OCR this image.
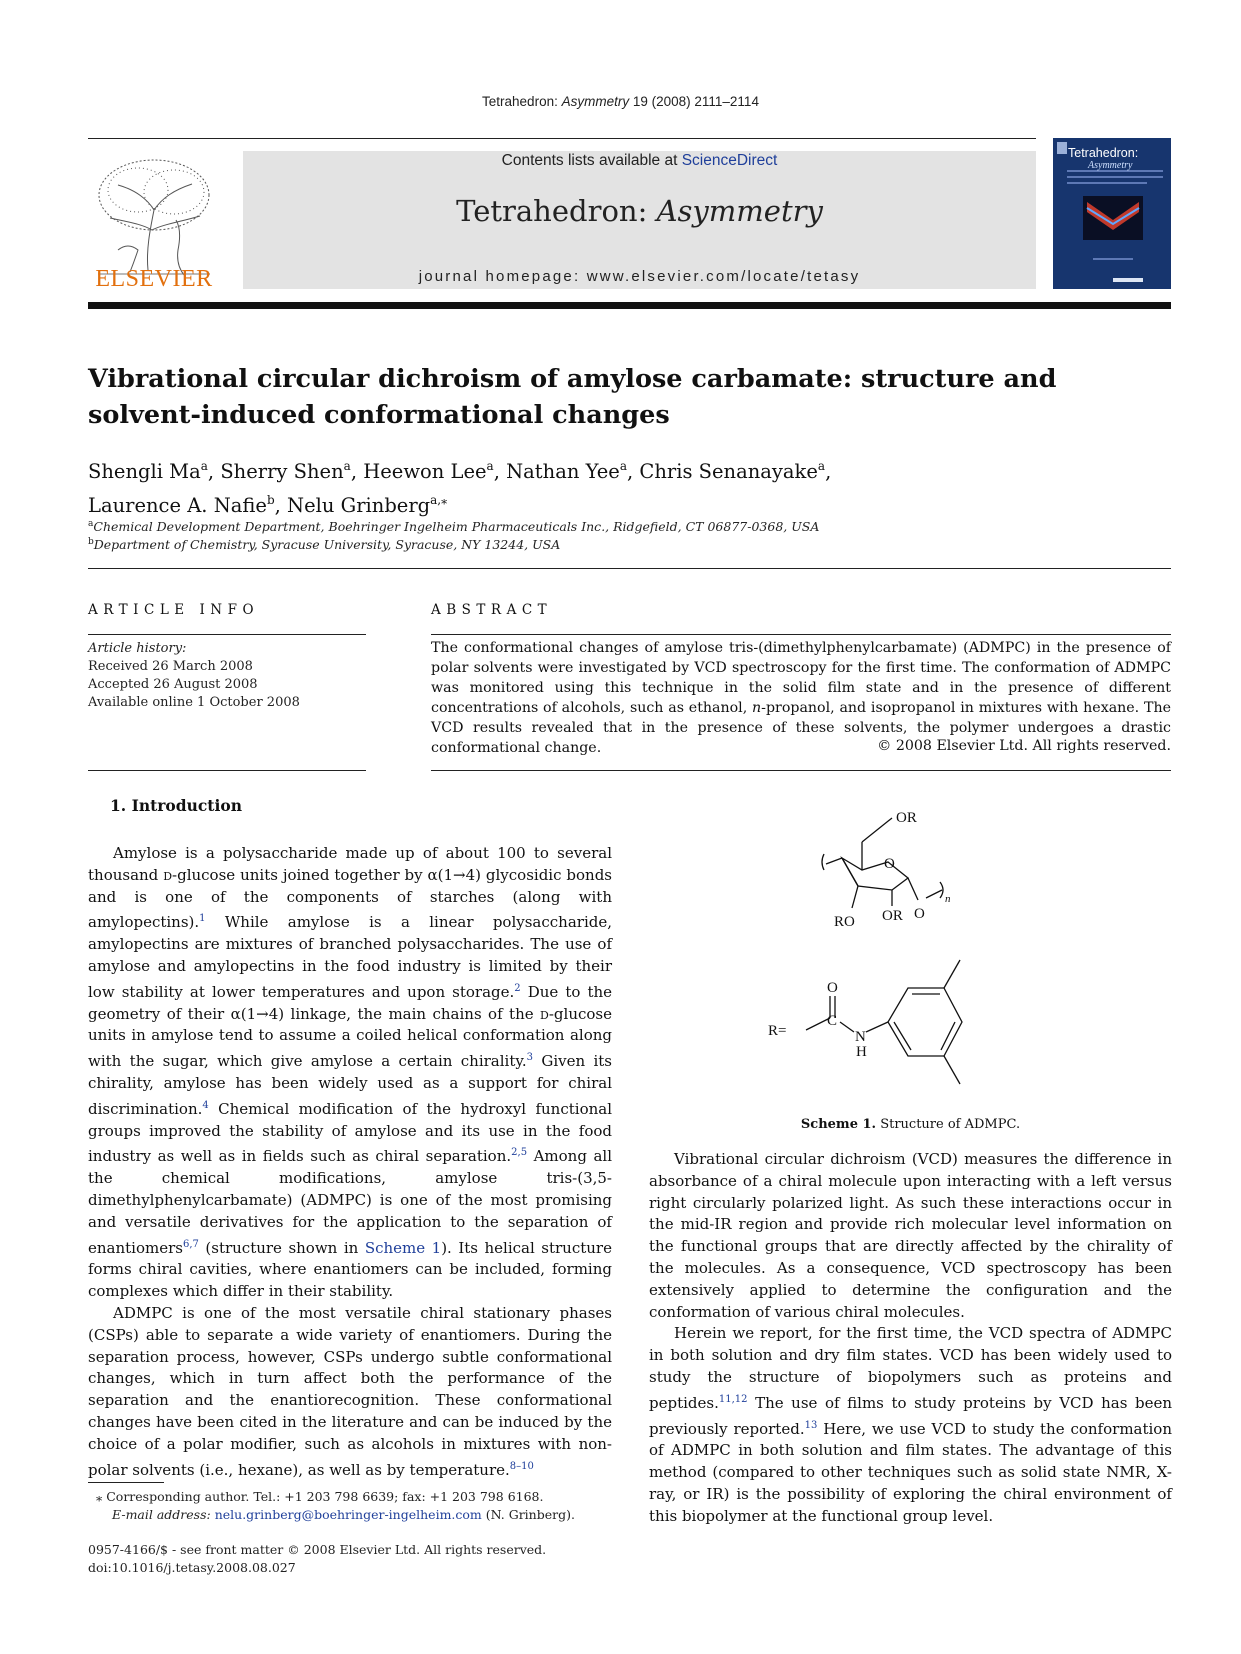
Tetrahedron: Asymmetry 19 (2008) 2111–2114
ELSEVIER
Contents lists available at ScienceDirect
Tetrahedron: Asymmetry
journal homepage: www.elsevier.com/locate/tetasy
Tetrahedron:
Asymmetry
Vibrational circular dichroism of amylose carbamate: structure and
solvent-induced conformational changes
Shengli Ma$^a$, Sherry Shen$^a$, Heewon Lee$^a$, Nathan Yee$^a$, Chris Senanayake$^a$,
Laurence A. Nafie$^b$, Nelu Grinberg$^{a,⁎}$
$^a$Chemical Development Department, Boehringer Ingelheim Pharmaceuticals Inc., Ridgefield, CT 06877-0368, USA
$^b$Department of Chemistry, Syracuse University, Syracuse, NY 13244, USA
ARTICLE INFO
Article history:
Received 26 March 2008
Accepted 26 August 2008
Available online 1 October 2008
ABSTRACT
The conformational changes of amylose tris-(dimethylphenylcarbamate) (ADMPC) in the presence of polar solvents were investigated by VCD spectroscopy for the first time. The conformation of ADMPC was monitored using this technique in the solid film state and in the presence of different concentrations of alcohols, such as ethanol, n-propanol, and isopropanol in mixtures with hexane. The VCD results revealed that in the presence of these solvents, the polymer undergoes a drastic conformational change.	© 2008 Elsevier Ltd. All rights reserved.
1. Introduction

Amylose is a polysaccharide made up of about 100 to several thousand d-glucose units joined together by α(1→4) glycosidic bonds and is one of the components of starches (along with amylopectins).$^1$ While amylose is a linear polysaccharide, amylopectins are mixtures of branched polysaccharides. The use of amylose and amylopectins in the food industry is limited by their low stability at lower temperatures and upon storage.$^2$ Due to the geometry of their α(1→4) linkage, the main chains of the d-glucose units in amylose tend to assume a coiled helical conformation along with the sugar, which give amylose a certain chirality.$^3$ Given its chirality, amylose has been widely used as a support for chiral discrimination.$^4$ Chemical modification of the hydroxyl functional groups improved the stability of amylose and its use in the food industry as well as in fields such as chiral separation.$^{2,5}$ Among all the chemical modifications, amylose tris-(3,5-dimethylphenylcarbamate) (ADMPC) is one of the most promising and versatile derivatives for the application to the separation of enantiomers$^{6,7}$ (structure shown in Scheme 1). Its helical structure forms chiral cavities, where enantiomers can be included, forming complexes which differ in their stability.

ADMPC is one of the most versatile chiral stationary phases (CSPs) able to separate a wide variety of enantiomers. During the separation process, however, CSPs undergo subtle conformational changes, which in turn affect both the performance of the separation and the enantiorecognition. These conformational changes have been cited in the literature and can be induced by the choice of a polar modifier, such as alcohols in mixtures with non-polar solvents (i.e., hexane), as well as by temperature.$^{8-10}$

OR
O
OR O
n
RO
R=
O
C
N
H
Scheme 1. Structure of ADMPC.

Vibrational circular dichroism (VCD) measures the difference in absorbance of a chiral molecule upon interacting with a left versus right circularly polarized light. As such these interactions occur in the mid-IR region and provide rich molecular level information on the functional groups that are directly affected by the chirality of the molecules. As a consequence, VCD spectroscopy has been extensively applied to determine the configuration and the conformation of various chiral molecules.

Herein we report, for the first time, the VCD spectra of ADMPC in both solution and dry film states. VCD has been widely used to study the structure of biopolymers such as proteins and peptides.$^{11,12}$ The use of films to study proteins by VCD has been previously reported.$^{13}$ Here, we use VCD to study the conformation of ADMPC in both solution and film states. The advantage of this method (compared to other techniques such as solid state NMR, X-ray, or IR) is the possibility of exploring the chiral environment of this biopolymer at the functional group level.

⁎ Corresponding author. Tel.: +1 203 798 6639; fax: +1 203 798 6168.
E-mail address: nelu.grinberg@boehringer-ingelheim.com (N. Grinberg).
0957-4166/$ - see front matter © 2008 Elsevier Ltd. All rights reserved.
doi:10.1016/j.tetasy.2008.08.027
